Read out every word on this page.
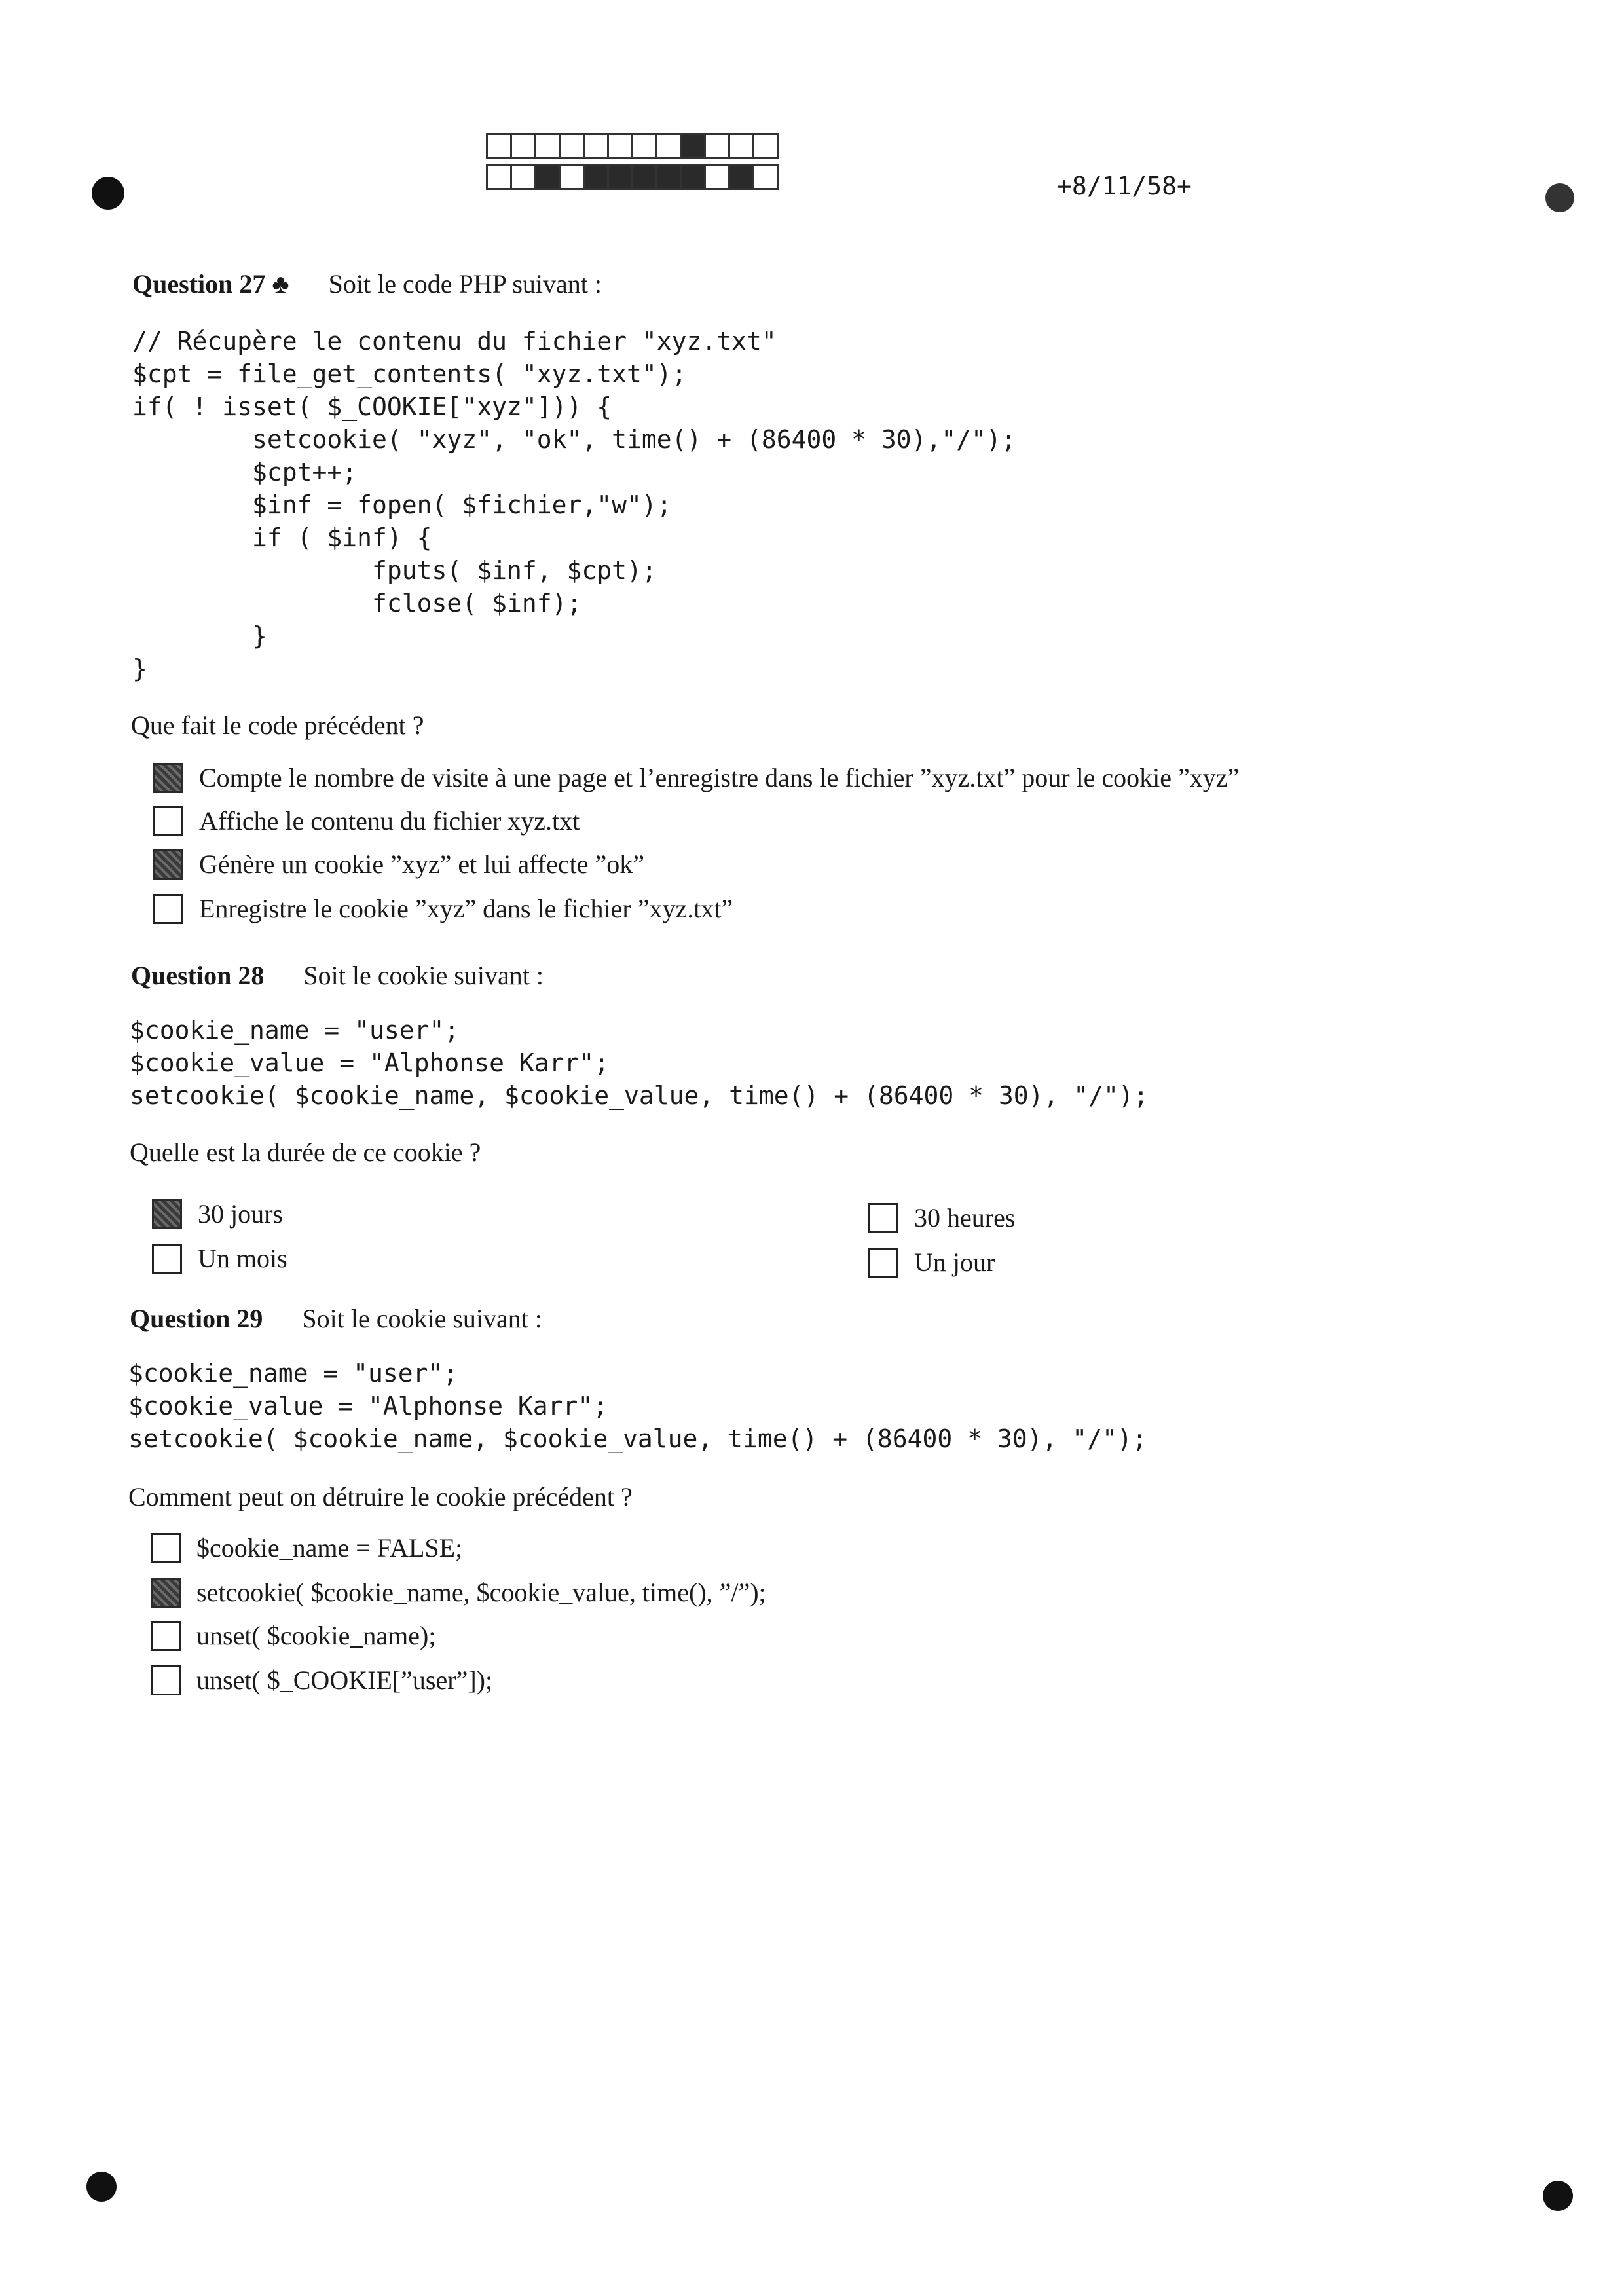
+8/11/58+
Question 27 ♣ Soit le code PHP suivant :
// Récupère le contenu du fichier "xyz.txt"
$cpt = file_get_contents( "xyz.txt");
if( ! isset( $_COOKIE["xyz"])) {
setcookie( "xyz", "ok", time() + (86400 * 30),"/");
$cpt++;
$inf = fopen( $fichier,"w");
if ( $inf) {
fputs( $inf, $cpt);
fclose( $inf);
}
}
Que fait le code précédent ?
Compte le nombre de visite à une page et l’enregistre dans le fichier ”xyz.txt” pour le cookie ”xyz”
Affiche le contenu du fichier xyz.txt
Génère un cookie ”xyz” et lui affecte ”ok”
Enregistre le cookie ”xyz” dans le fichier ”xyz.txt”
Question 28 Soit le cookie suivant :
$cookie_name = "user";
$cookie_value = "Alphonse Karr";
setcookie( $cookie_name, $cookie_value, time() + (86400 * 30), "/");
Quelle est la durée de ce cookie ?
30 jours
Un mois
30 heures
Un jour
Question 29 Soit le cookie suivant :
$cookie_name = "user";
$cookie_value = "Alphonse Karr";
setcookie( $cookie_name, $cookie_value, time() + (86400 * 30), "/");
Comment peut on détruire le cookie précédent ?
$cookie_name = FALSE;
setcookie( $cookie_name, $cookie_value, time(), ”/”);
unset( $cookie_name);
unset( $_COOKIE[”user”]);
